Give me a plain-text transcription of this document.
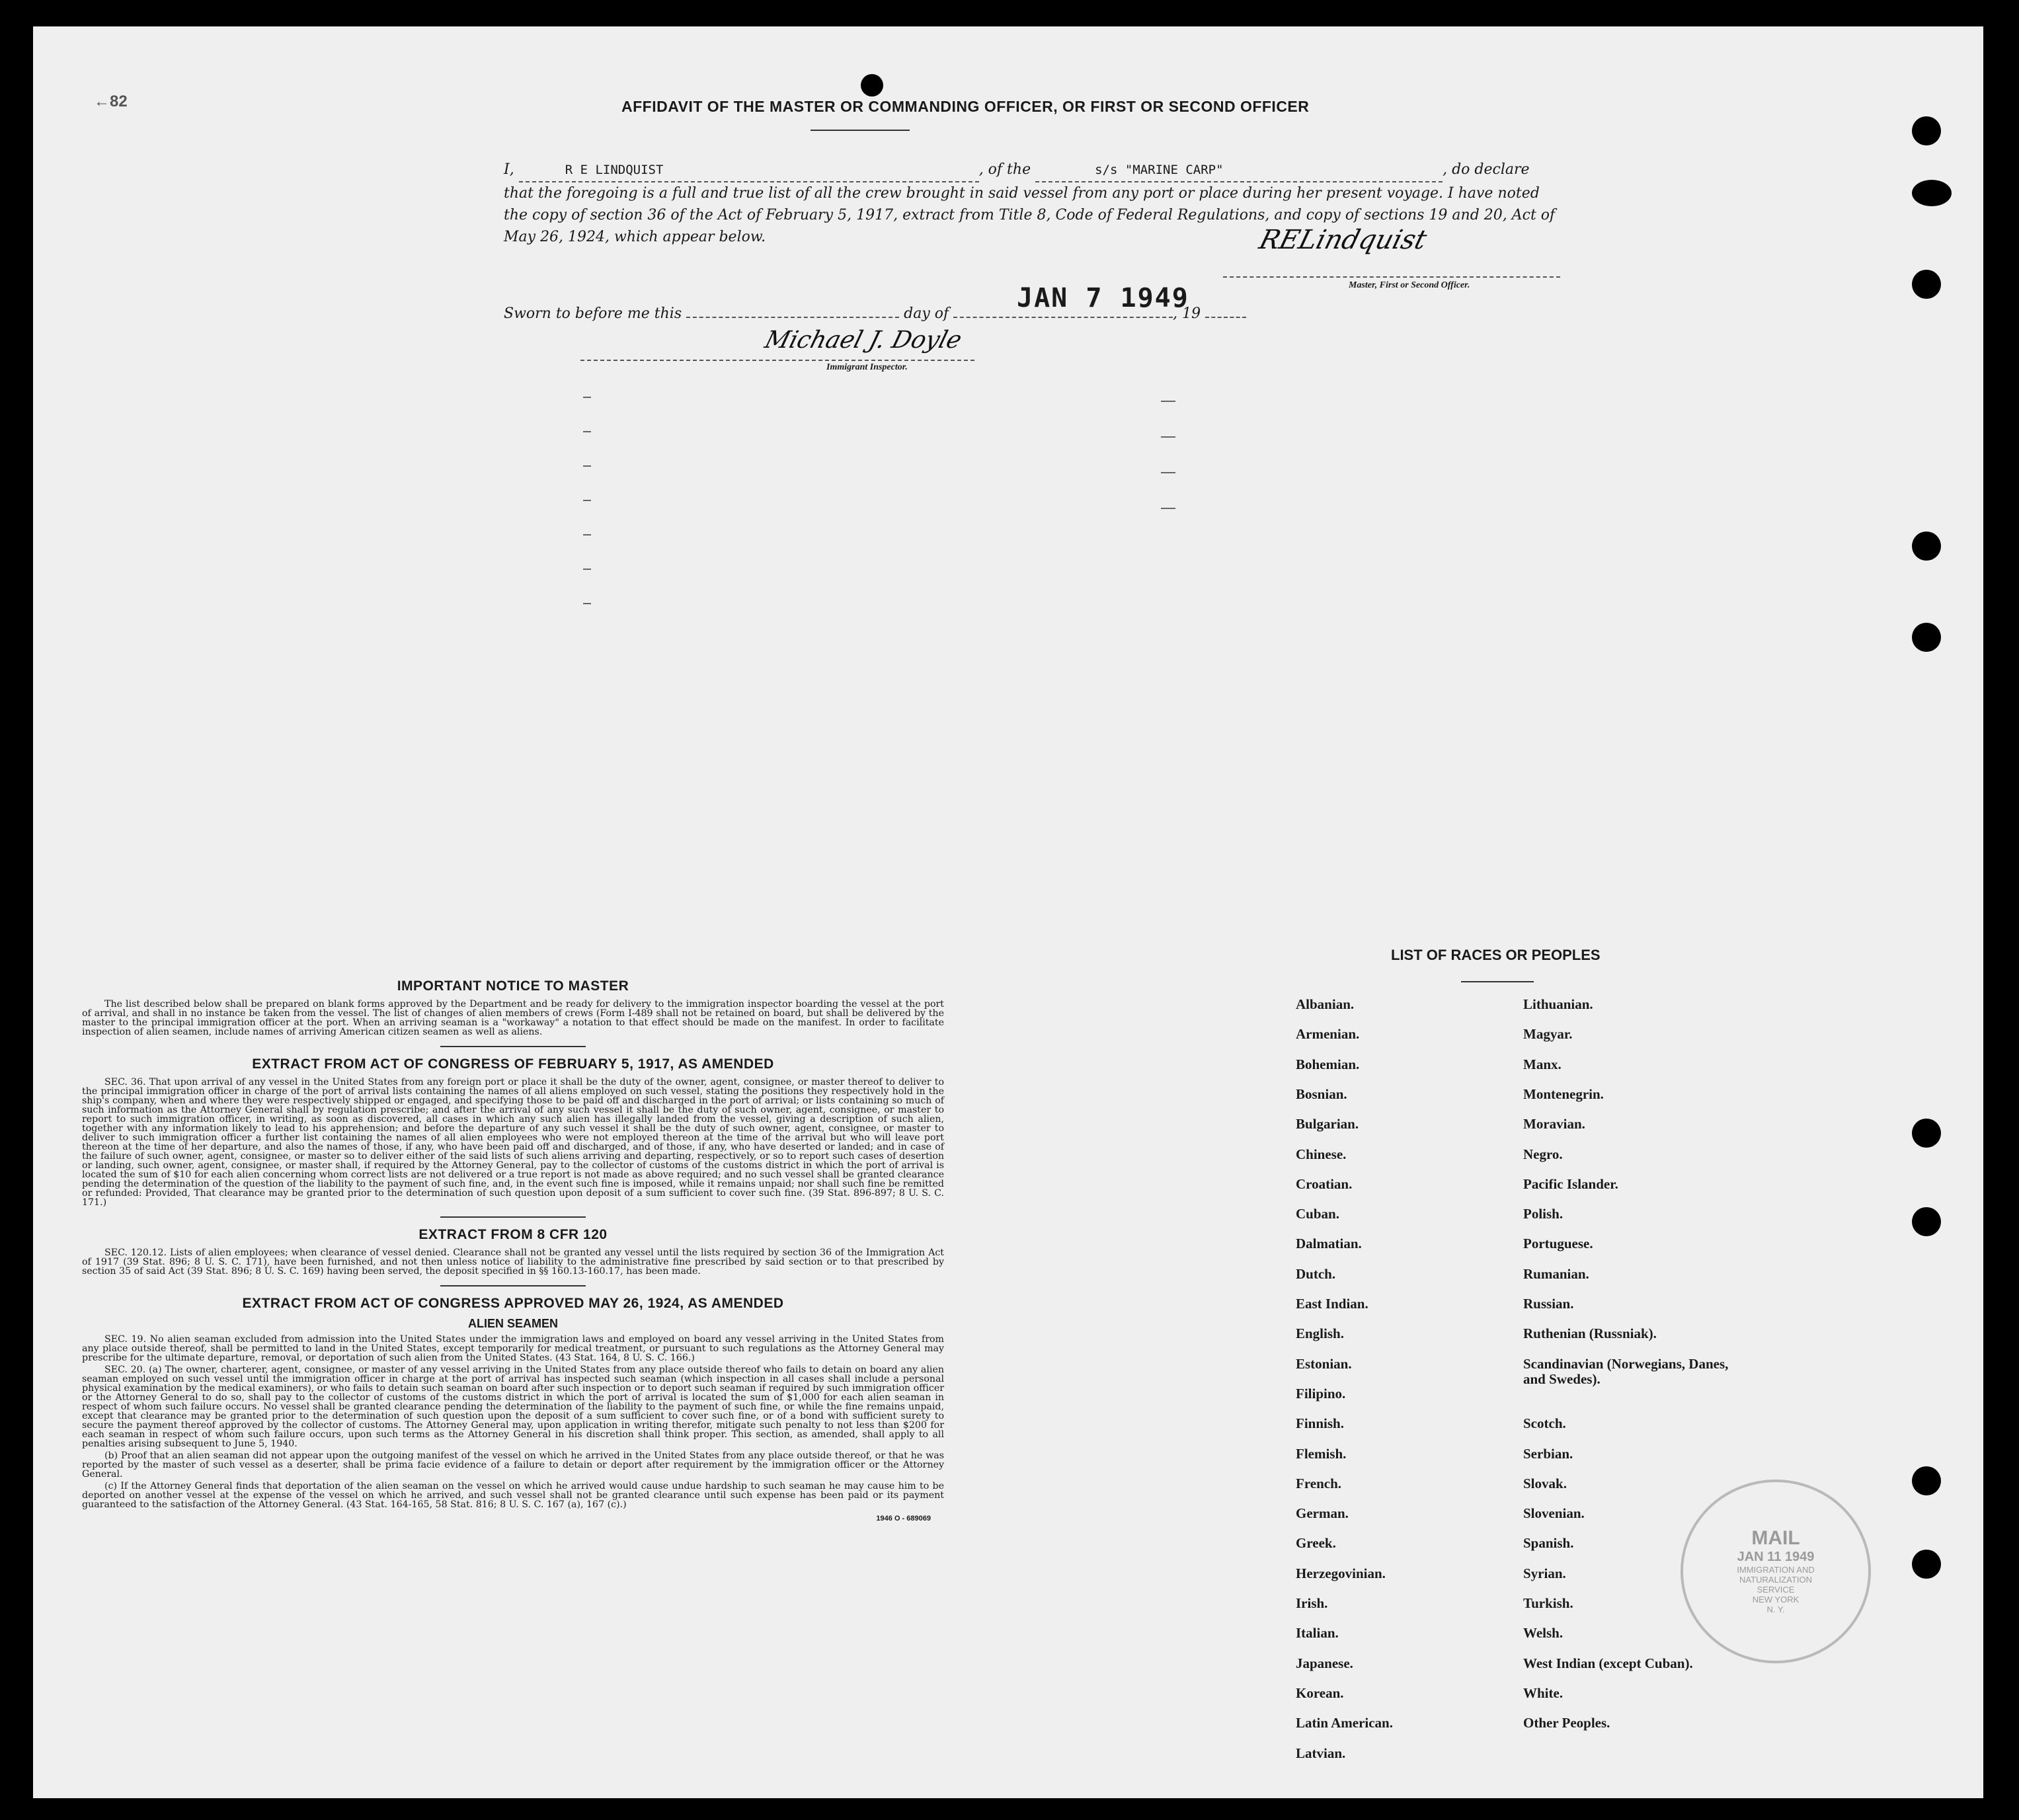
←82	AFFIDAVIT OF THE MASTER OR COMMANDING OFFICER, OR FIRST OR SECOND OFFICER
I,	R E LINDQUIST	, of the	s/s "MARINE CARP"	, do declare
that the foregoing is a full and true list of all the crew brought in said vessel from any port or place during her present voyage. I have noted the copy of section 36 of the Act of February 5, 1917, extract from Title 8, Code of Federal Regulations, and copy of sections 19 and 20, Act of May 26, 1924, which appear below.	RELindquist
Master, First or Second Officer.
Sworn to before me this	day of	, 19
JAN 7 1949
Michael J. Doyle
Immigrant Inspector.
IMPORTANT NOTICE TO MASTER

The list described below shall be prepared on blank forms approved by the Department and be ready for delivery to the immigration inspector boarding the vessel at the port of arrival, and shall in no instance be taken from the vessel. The list of changes of alien members of crews (Form I-489 shall not be retained on board, but shall be delivered by the master to the principal immigration officer at the port. When an arriving seaman is a "workaway" a notation to that effect should be made on the manifest. In order to facilitate inspection of alien seamen, include names of arriving American citizen seamen as well as aliens.

EXTRACT FROM ACT OF CONGRESS OF FEBRUARY 5, 1917, AS AMENDED

SEC. 36. That upon arrival of any vessel in the United States from any foreign port or place it shall be the duty of the owner, agent, consignee, or master thereof to deliver to the principal immigration officer in charge of the port of arrival lists containing the names of all aliens employed on such vessel, stating the positions they respectively hold in the ship's company, when and where they were respectively shipped or engaged, and specifying those to be paid off and discharged in the port of arrival; or lists containing so much of such information as the Attorney General shall by regulation prescribe; and after the arrival of any such vessel it shall be the duty of such owner, agent, consignee, or master to report to such immigration officer, in writing, as soon as discovered, all cases in which any such alien has illegally landed from the vessel, giving a description of such alien, together with any information likely to lead to his apprehension; and before the departure of any such vessel it shall be the duty of such owner, agent, consignee, or master to deliver to such immigration officer a further list containing the names of all alien employees who were not employed thereon at the time of the arrival but who will leave port thereon at the time of her departure, and also the names of those, if any, who have been paid off and discharged, and of those, if any, who have deserted or landed; and in case of the failure of such owner, agent, consignee, or master so to deliver either of the said lists of such aliens arriving and departing, respectively, or so to report such cases of desertion or landing, such owner, agent, consignee, or master shall, if required by the Attorney General, pay to the collector of customs of the customs district in which the port of arrival is located the sum of $10 for each alien concerning whom correct lists are not delivered or a true report is not made as above required; and no such vessel shall be granted clearance pending the determination of the question of the liability to the payment of such fine, and, in the event such fine is imposed, while it remains unpaid; nor shall such fine be remitted or refunded: Provided, That clearance may be granted prior to the determination of such question upon deposit of a sum sufficient to cover such fine. (39 Stat. 896-897; 8 U. S. C. 171.)

EXTRACT FROM 8 CFR 120

SEC. 120.12. Lists of alien employees; when clearance of vessel denied. Clearance shall not be granted any vessel until the lists required by section 36 of the Immigration Act of 1917 (39 Stat. 896; 8 U. S. C. 171), have been furnished, and not then unless notice of liability to the administrative fine prescribed by said section or to that prescribed by section 35 of said Act (39 Stat. 896; 8 U. S. C. 169) having been served, the deposit specified in §§ 160.13-160.17, has been made.

EXTRACT FROM ACT OF CONGRESS APPROVED MAY 26, 1924, AS AMENDED
ALIEN SEAMEN

SEC. 19. No alien seaman excluded from admission into the United States under the immigration laws and employed on board any vessel arriving in the United States from any place outside thereof, shall be permitted to land in the United States, except temporarily for medical treatment, or pursuant to such regulations as the Attorney General may prescribe for the ultimate departure, removal, or deportation of such alien from the United States. (43 Stat. 164, 8 U. S. C. 166.)

SEC. 20. (a) The owner, charterer, agent, consignee, or master of any vessel arriving in the United States from any place outside thereof who fails to detain on board any alien seaman employed on such vessel until the immigration officer in charge at the port of arrival has inspected such seaman (which inspection in all cases shall include a personal physical examination by the medical examiners), or who fails to detain such seaman on board after such inspection or to deport such seaman if required by such immigration officer or the Attorney General to do so, shall pay to the collector of customs of the customs district in which the port of arrival is located the sum of $1,000 for each alien seaman in respect of whom such failure occurs. No vessel shall be granted clearance pending the determination of the liability to the payment of such fine, or while the fine remains unpaid, except that clearance may be granted prior to the determination of such question upon the deposit of a sum sufficient to cover such fine, or of a bond with sufficient surety to secure the payment thereof approved by the collector of customs. The Attorney General may, upon application in writing therefor, mitigate such penalty to not less than $200 for each seaman in respect of whom such failure occurs, upon such terms as the Attorney General in his discretion shall think proper. This section, as amended, shall apply to all penalties arising subsequent to June 5, 1940.

(b) Proof that an alien seaman did not appear upon the outgoing manifest of the vessel on which he arrived in the United States from any place outside thereof, or that he was reported by the master of such vessel as a deserter, shall be prima facie evidence of a failure to detain or deport after requirement by the immigration officer or the Attorney General.

(c) If the Attorney General finds that deportation of the alien seaman on the vessel on which he arrived would cause undue hardship to such seaman he may cause him to be deported on another vessel at the expense of the vessel on which he arrived, and such vessel shall not be granted clearance until such expense has been paid or its payment guaranteed to the satisfaction of the Attorney General. (43 Stat. 164-165, 58 Stat. 816; 8 U. S. C. 167 (a), 167 (c).)

1946 O - 689069
LIST OF RACES OR PEOPLES
Albanian.
Armenian.
Bohemian.
Bosnian.
Bulgarian.
Chinese.
Croatian.
Cuban.
Dalmatian.
Dutch.
East Indian.
English.
Estonian.
Filipino.
Finnish.
Flemish.
French.
German.
Greek.
Herzegovinian.
Irish.
Italian.
Japanese.
Korean.
Latin American.
Latvian.
Lithuanian.
Magyar.
Manx.
Montenegrin.
Moravian.
Negro.
Pacific Islander.
Polish.
Portuguese.
Rumanian.
Russian.
Ruthenian (Russniak).
Scandinavian (Norwegians, Danes, and Swedes).
Scotch.
Serbian.
Slovak.
Slovenian.
Spanish.
Syrian.
Turkish.
Welsh.
West Indian (except Cuban).
White.
Other Peoples.
MAIL
JAN 11 1949
IMMIGRATION AND
NATURALIZATION
SERVICE
NEW YORK
N. Y.
